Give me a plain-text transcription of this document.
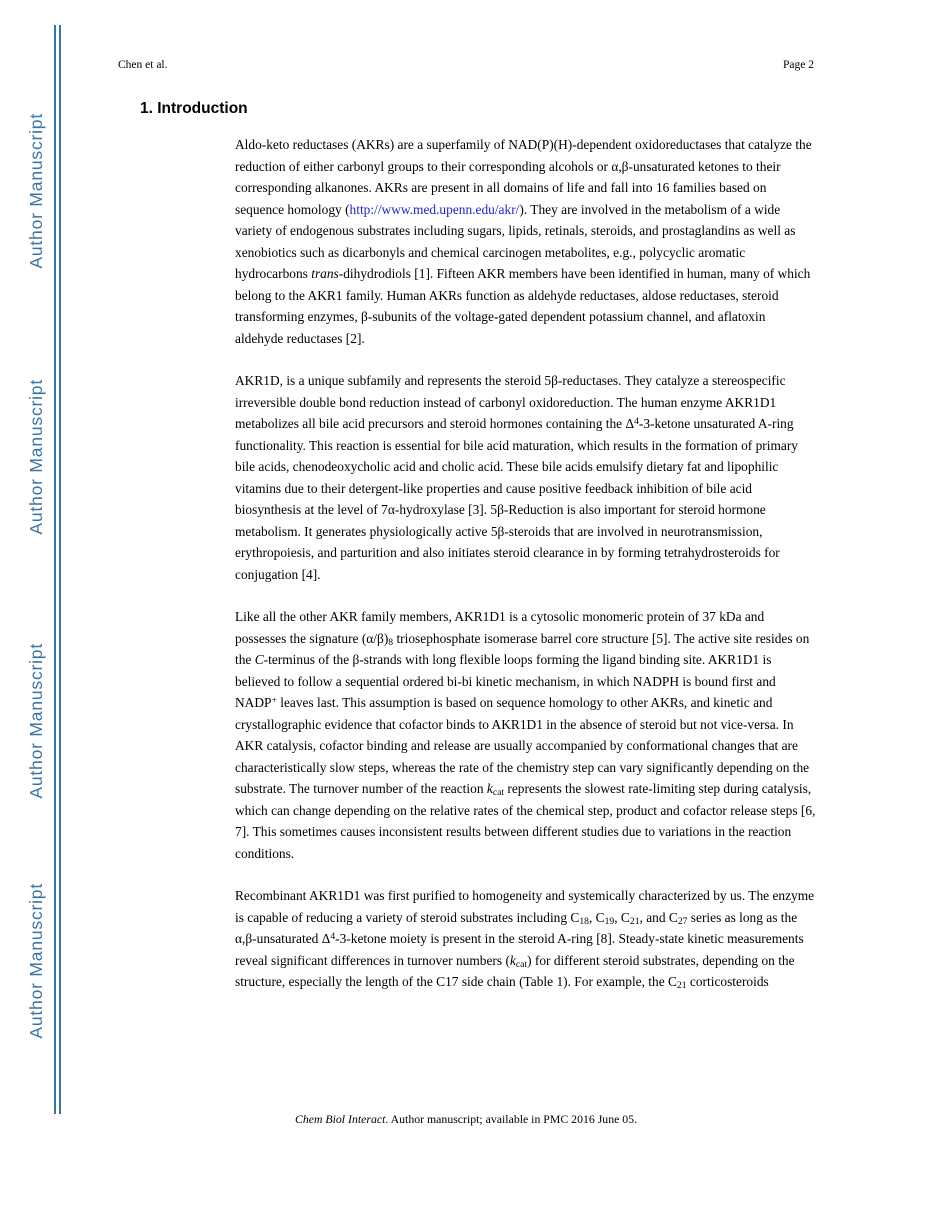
Author Manuscript
Author Manuscript
Author Manuscript
Author Manuscript
Chen et al.	Page 2
1. Introduction

Aldo-keto reductases (AKRs) are a superfamily of NAD(P)(H)-dependent oxidoreductases that catalyze the reduction of either carbonyl groups to their corresponding alcohols or α,β-unsaturated ketones to their corresponding alkanones. AKRs are present in all domains of life and fall into 16 families based on sequence homology (http://www.med.upenn.edu/akr/). They are involved in the metabolism of a wide variety of endogenous substrates including sugars, lipids, retinals, steroids, and prostaglandins as well as xenobiotics such as dicarbonyls and chemical carcinogen metabolites, e.g., polycyclic aromatic hydrocarbons trans-dihydrodiols [1]. Fifteen AKR members have been identified in human, many of which belong to the AKR1 family. Human AKRs function as aldehyde reductases, aldose reductases, steroid transforming enzymes, β-subunits of the voltage-gated dependent potassium channel, and aflatoxin aldehyde reductases [2].

AKR1D, is a unique subfamily and represents the steroid 5β-reductases. They catalyze a stereospecific irreversible double bond reduction instead of carbonyl oxidoreduction. The human enzyme AKR1D1 metabolizes all bile acid precursors and steroid hormones containing the $\Delta^4-3$-ketone unsaturated A-ring functionality. This reaction is essential for bile acid maturation, which results in the formation of primary bile acids, chenodeoxycholic acid and cholic acid. These bile acids emulsify dietary fat and lipophilic vitamins due to their detergent-like properties and cause positive feedback inhibition of bile acid biosynthesis at the level of 7α-hydroxylase [3]. 5β-Reduction is also important for steroid hormone metabolism. It generates physiologically active 5β-steroids that are involved in neurotransmission, erythropoiesis, and parturition and also initiates steroid clearance in by forming tetrahydrosteroids for conjugation [4].

Like all the other AKR family members, AKR1D1 is a cytosolic monomeric protein of 37 kDa and possesses the signature $(\alpha/\beta)_8$ triosephosphate isomerase barrel core structure [5]. The active site resides on the C-terminus of the β-strands with long flexible loops forming the ligand binding site. AKR1D1 is believed to follow a sequential ordered bi-bi kinetic mechanism, in which NADPH is bound first and NADP+ leaves last. This assumption is based on sequence homology to other AKRs, and kinetic and crystallographic evidence that cofactor binds to AKR1D1 in the absence of steroid but not vice-versa. In AKR catalysis, cofactor binding and release are usually accompanied by conformational changes that are characteristically slow steps, whereas the rate of the chemistry step can vary significantly depending on the substrate. The turnover number of the reaction $k_{cat}$ represents the slowest rate-limiting step during catalysis, which can change depending on the relative rates of the chemical step, product and cofactor release steps [6, 7]. This sometimes causes inconsistent results between different studies due to variations in the reaction conditions.

Recombinant AKR1D1 was first purified to homogeneity and systemically characterized by us. The enzyme is capable of reducing a variety of steroid substrates including $C_{18}$, $C_{19}$, $C_{21}$, and $C_{27}$ series as long as the α,β-unsaturated $\Delta^4-3$-ketone moiety is present in the steroid A-ring [8]. Steady-state kinetic measurements reveal significant differences in turnover numbers $(k_{cat})$ for different steroid substrates, depending on the structure, especially the length of the C17 side chain (Table 1). For example, the $C_{21}$ corticosteroids

Chem Biol Interact. Author manuscript; available in PMC 2016 June 05.
